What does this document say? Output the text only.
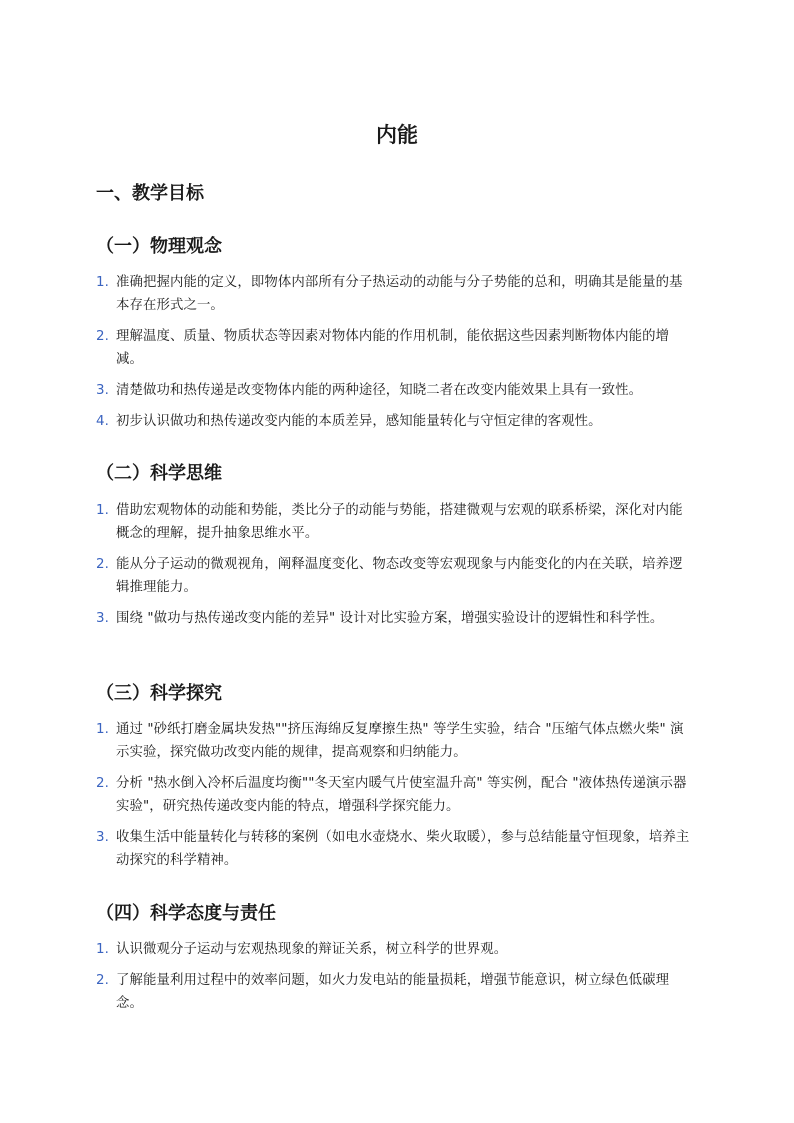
内能
一、教学目标
（一）物理观念
1. 准确把握内能的定义，即物体内部所有分子热运动的动能与分子势能的总和，明确其是能量的基本存在形式之一。
2. 理解温度、质量、物质状态等因素对物体内能的作用机制，能依据这些因素判断物体内能的增减。
3. 清楚做功和热传递是改变物体内能的两种途径，知晓二者在改变内能效果上具有一致性。
4. 初步认识做功和热传递改变内能的本质差异，感知能量转化与守恒定律的客观性。
（二）科学思维
1. 借助宏观物体的动能和势能，类比分子的动能与势能，搭建微观与宏观的联系桥梁，深化对内能概念的理解，提升抽象思维水平。
2. 能从分子运动的微观视角，阐释温度变化、物态改变等宏观现象与内能变化的内在关联，培养逻辑推理能力。
3. 围绕 "做功与热传递改变内能的差异" 设计对比实验方案，增强实验设计的逻辑性和科学性。
（三）科学探究
1. 通过 "砂纸打磨金属块发热""挤压海绵反复摩擦生热" 等学生实验，结合 "压缩气体点燃火柴" 演示实验，探究做功改变内能的规律，提高观察和归纳能力。
2. 分析 "热水倒入冷杯后温度均衡""冬天室内暖气片使室温升高" 等实例，配合 "液体热传递演示器实验"，研究热传递改变内能的特点，增强科学探究能力。
3. 收集生活中能量转化与转移的案例（如电水壶烧水、柴火取暖），参与总结能量守恒现象，培养主动探究的科学精神。
（四）科学态度与责任
1. 认识微观分子运动与宏观热现象的辩证关系，树立科学的世界观。
2. 了解能量利用过程中的效率问题，如火力发电站的能量损耗，增强节能意识，树立绿色低碳理念。
